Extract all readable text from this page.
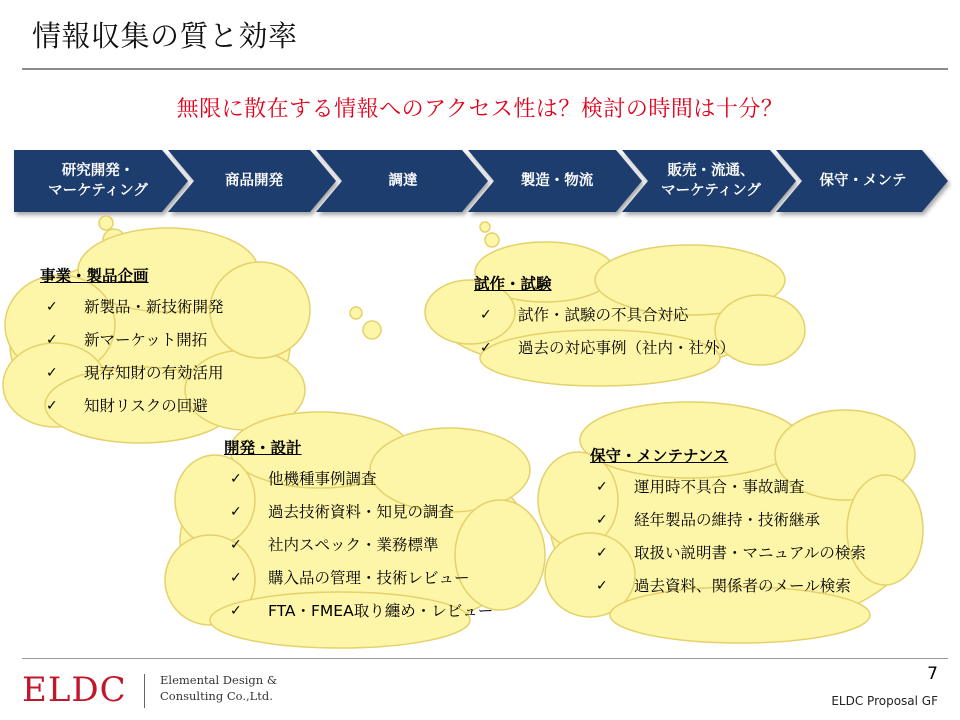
情報収集の質と効率
無限に散在する情報へのアクセス性は？検討の時間は十分？
研究開発・
マーケティング
商品開発	調達	製造・物流
販売・流通、
マーケティング
保守・メンテ
事業・製品企画
✓	新製品・新技術開発
✓	新マーケット開拓
✓	現存知財の有効活用
✓	知財リスクの回避
試作・試験
✓	試作・試験の不具合対応
✓	過去の対応事例（社内・社外）
開発・設計
✓	他機種事例調査
✓	過去技術資料・知見の調査
✓	社内スペック・業務標準
✓	購入品の管理・技術レビュー
✓	FTA・FMEA取り纏め・レビュー
保守・メンテナンス
✓	運用時不具合・事故調査
✓	経年製品の維持・技術継承
✓	取扱い説明書・マニュアルの検索
✓	過去資料、関係者のメール検索
ELDC	Elemental Design &
Consulting Co.,Ltd.
7
ELDC Proposal GF
